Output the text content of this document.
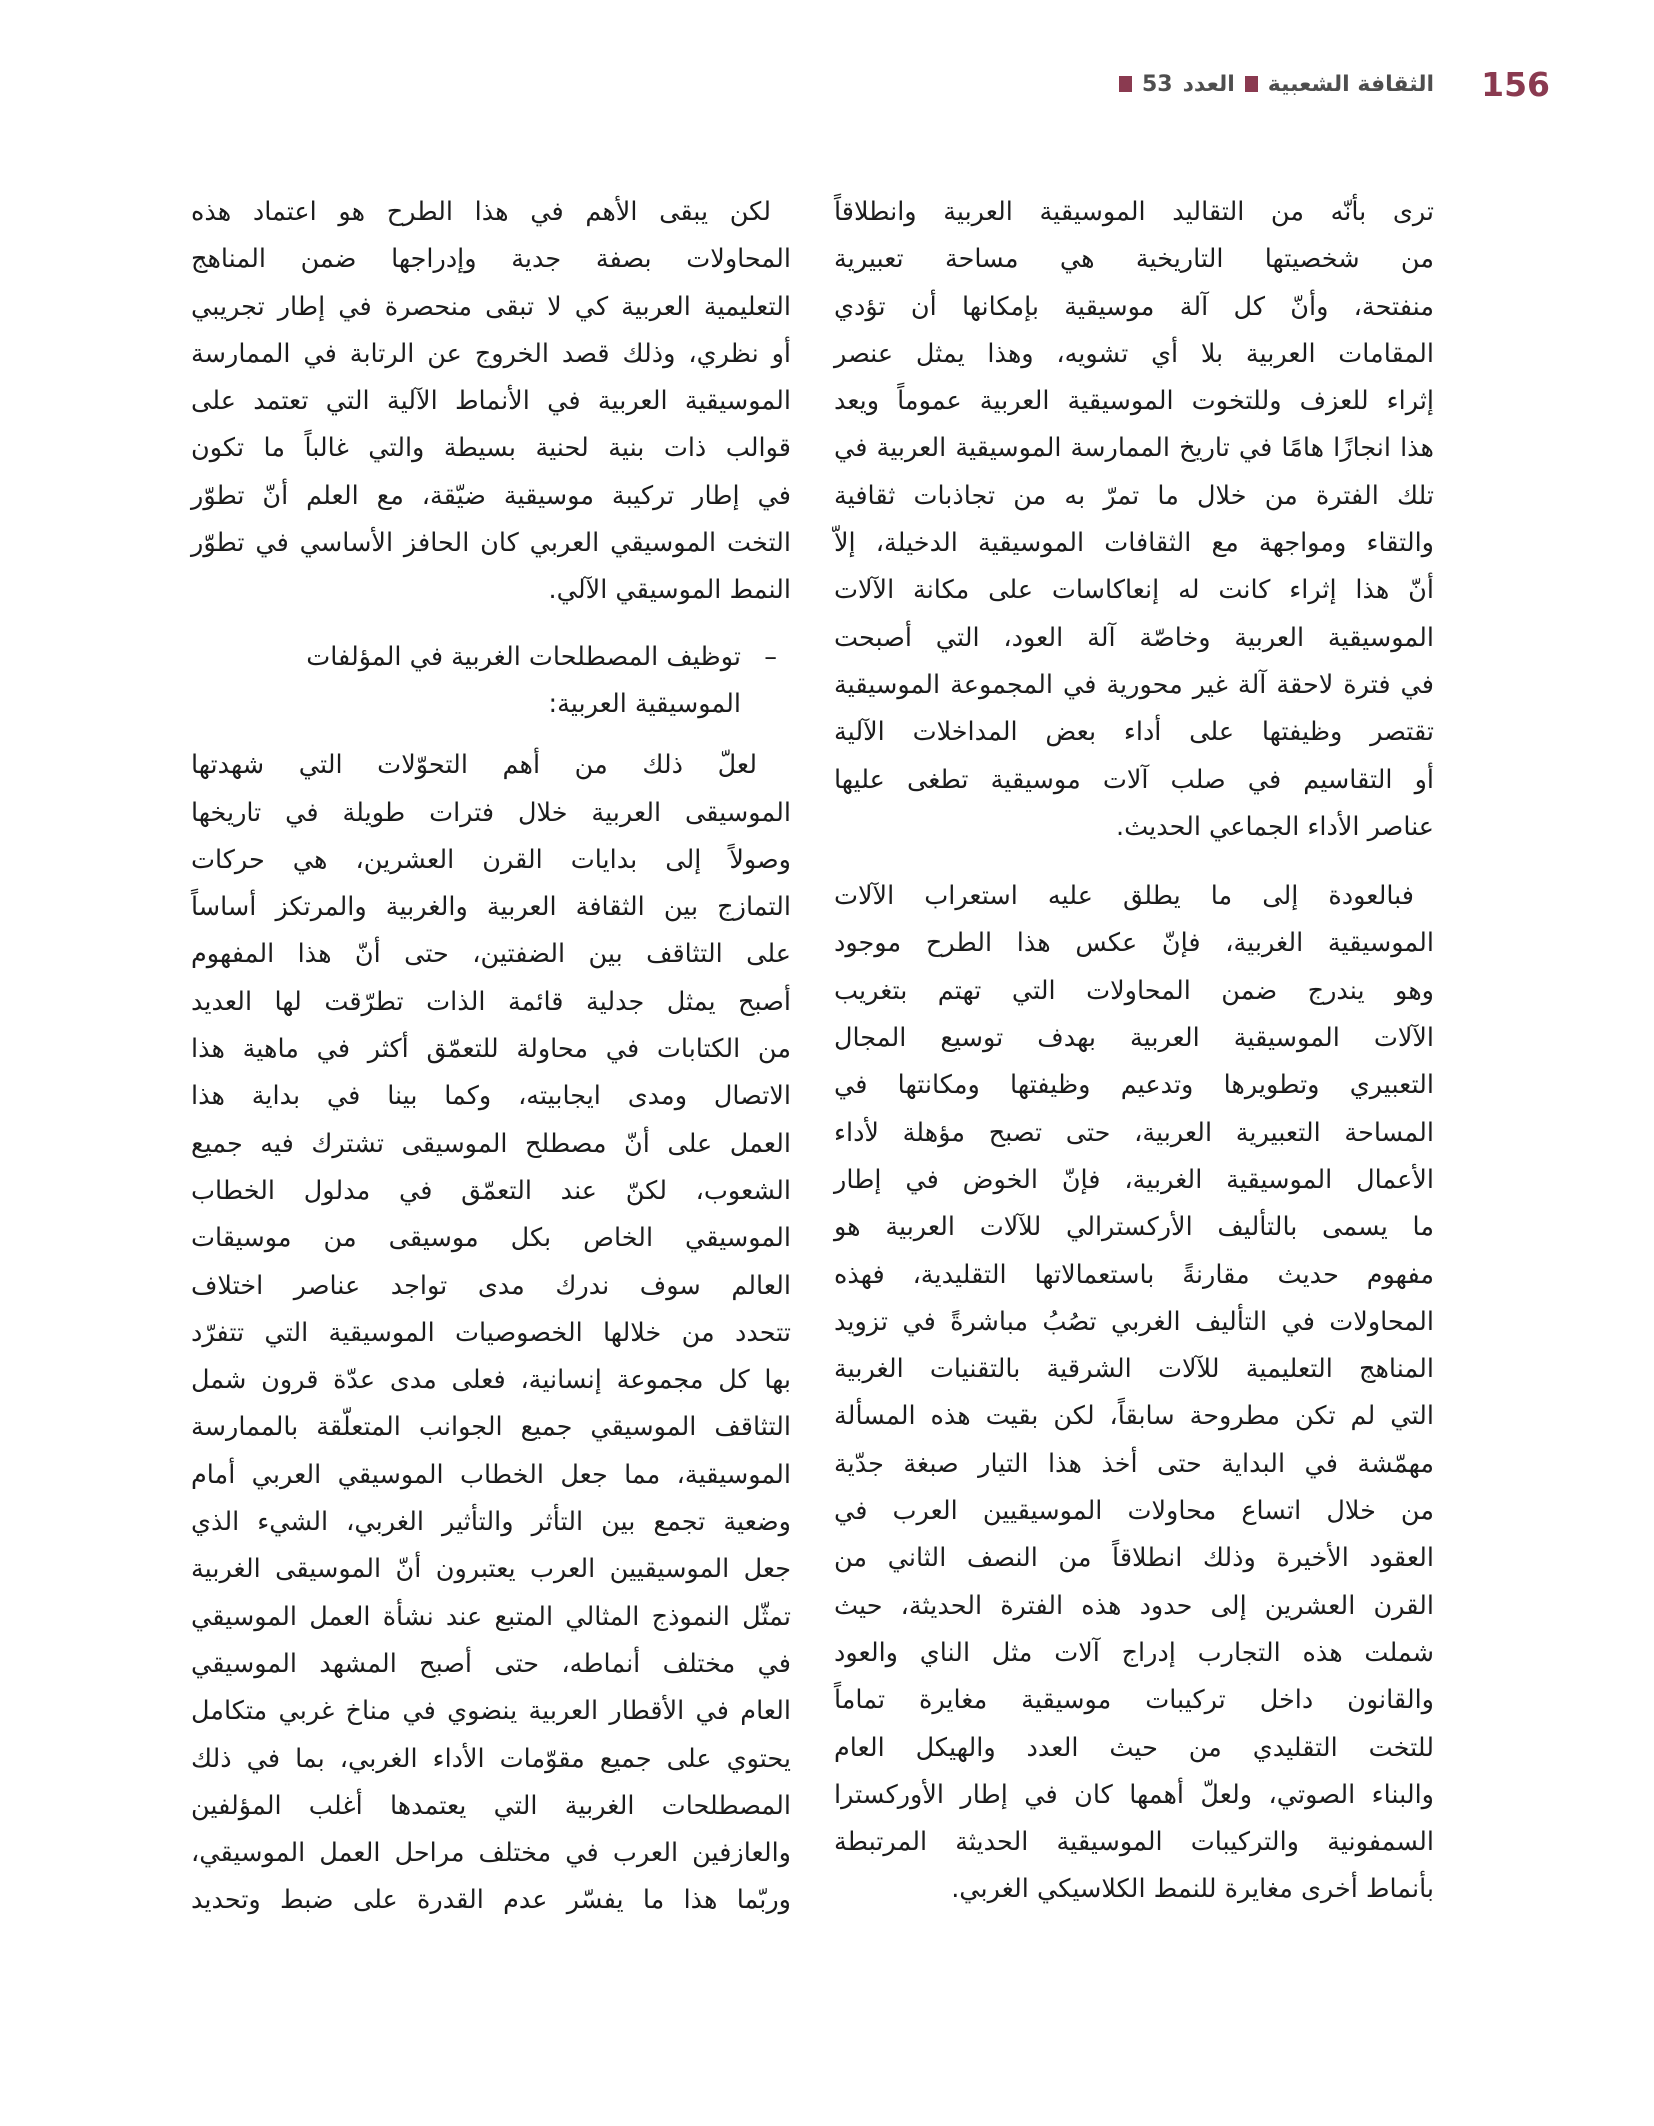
156
الثقافة الشعبية
العدد
53
ترى بأنّه من التقاليد الموسيقية العربية وانطلاقاً
من شخصيتها التاريخية هي مساحة تعبيرية
منفتحة، وأنّ كل آلة موسيقية بإمكانها أن تؤدي
المقامات العربية بلا أي تشويه، وهذا يمثل عنصر
إثراء للعزف وللتخوت الموسيقية العربية عموماً ويعد
هذا انجازًا هامًا في تاريخ الممارسة الموسيقية العربية في
تلك الفترة من خلال ما تمرّ به من تجاذبات ثقافية
والتقاء ومواجهة مع الثقافات الموسيقية الدخيلة، إلاّ
أنّ هذا إثراء كانت له إنعاكاسات على مكانة الآلات
الموسيقية العربية وخاصّة آلة العود، التي أصبحت
في فترة لاحقة آلة غير محورية في المجموعة الموسيقية
تقتصر وظيفتها على أداء بعض المداخلات الآلية
أو التقاسيم في صلب آلات موسيقية تطغى عليها
عناصر الأداء الجماعي الحديث.
فبالعودة إلى ما يطلق عليه استعراب الآلات
الموسيقية الغربية، فإنّ عكس هذا الطرح موجود
وهو يندرج ضمن المحاولات التي تهتم بتغريب
الآلات الموسيقية العربية بهدف توسيع المجال
التعبيري وتطويرها وتدعيم وظيفتها ومكانتها في
المساحة التعبيرية العربية، حتى تصبح مؤهلة لأداء
الأعمال الموسيقية الغربية، فإنّ الخوض في إطار
ما يسمى بالتأليف الأركسترالي للآلات العربية هو
مفهوم حديث مقارنةً باستعمالاتها التقليدية، فهذه
المحاولات في التأليف الغربي تصُبُ مباشرةً في تزويد
المناهج التعليمية للآلات الشرقية بالتقنيات الغربية
التي لم تكن مطروحة سابقاً، لكن بقيت هذه المسألة
مهمّشة في البداية حتى أخذ هذا التيار صبغة جدّية
من خلال اتساع محاولات الموسيقيين العرب في
العقود الأخيرة وذلك انطلاقاً من النصف الثاني من
القرن العشرين إلى حدود هذه الفترة الحديثة، حيث
شملت هذه التجارب إدراج آلات مثل الناي والعود
والقانون داخل تركيبات موسيقية مغايرة تماماً
للتخت التقليدي من حيث العدد والهيكل العام
والبناء الصوتي، ولعلّ أهمها كان في إطار الأوركسترا
السمفونية والتركيبات الموسيقية الحديثة المرتبطة
بأنماط أخرى مغايرة للنمط الكلاسيكي الغربي.
لكن يبقى الأهم في هذا الطرح هو اعتماد هذه
المحاولات بصفة جدية وإدراجها ضمن المناهج
التعليمية العربية كي لا تبقى منحصرة في إطار تجريبي
أو نظري، وذلك قصد الخروج عن الرتابة في الممارسة
الموسيقية العربية في الأنماط الآلية التي تعتمد على
قوالب ذات بنية لحنية بسيطة والتي غالباً ما تكون
في إطار تركيبة موسيقية ضيّقة، مع العلم أنّ تطوّر
التخت الموسيقي العربي كان الحافز الأساسي في تطوّر
النمط الموسيقي الآلي.
–
توظيف المصطلحات الغربية في المؤلفات
الموسيقية العربية:
لعلّ ذلك من أهم التحوّلات التي شهدتها
الموسيقى العربية خلال فترات طويلة في تاريخها
وصولاً إلى بدايات القرن العشرين، هي حركات
التمازج بين الثقافة العربية والغربية والمرتكز أساساً
على التثاقف بين الضفتين، حتى أنّ هذا المفهوم
أصبح يمثل جدلية قائمة الذات تطرّقت لها العديد
من الكتابات في محاولة للتعمّق أكثر في ماهية هذا
الاتصال ومدى ايجابيته، وكما بينا في بداية هذا
العمل على أنّ مصطلح الموسيقى تشترك فيه جميع
الشعوب، لكنّ عند التعمّق في مدلول الخطاب
الموسيقي الخاص بكل موسيقى من موسيقات
العالم سوف ندرك مدى تواجد عناصر اختلاف
تتحدد من خلالها الخصوصيات الموسيقية التي تتفرّد
بها كل مجموعة إنسانية، فعلى مدى عدّة قرون شمل
التثاقف الموسيقي جميع الجوانب المتعلّقة بالممارسة
الموسيقية، مما جعل الخطاب الموسيقي العربي أمام
وضعية تجمع بين التأثر والتأثير الغربي، الشيء الذي
جعل الموسيقيين العرب يعتبرون أنّ الموسيقى الغربية
تمثّل النموذج المثالي المتبع عند نشأة العمل الموسيقي
في مختلف أنماطه، حتى أصبح المشهد الموسيقي
العام في الأقطار العربية ينضوي في مناخ غربي متكامل
يحتوي على جميع مقوّمات الأداء الغربي، بما في ذلك
المصطلحات الغربية التي يعتمدها أغلب المؤلفين
والعازفين العرب في مختلف مراحل العمل الموسيقي،
وربّما هذا ما يفسّر عدم القدرة على ضبط وتحديد
